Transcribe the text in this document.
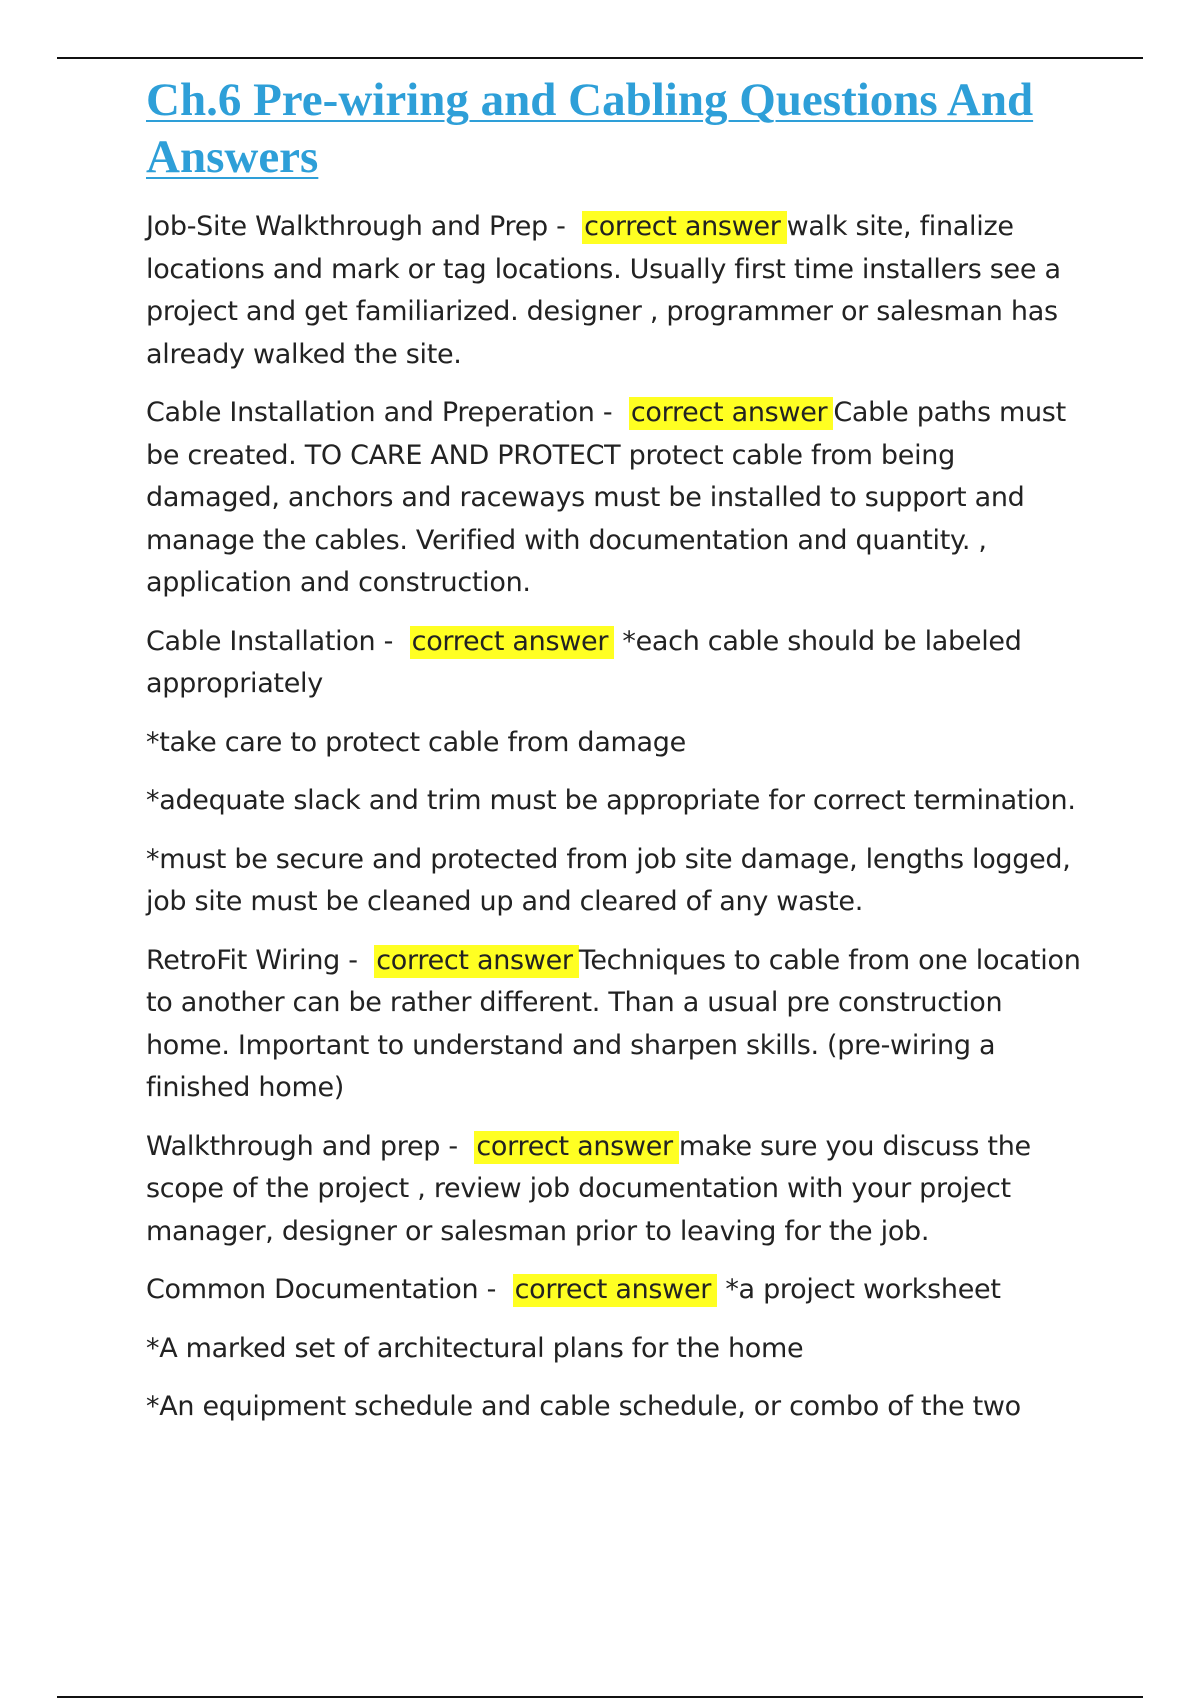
Ch.6 Pre-wiring and Cabling Questions And Answers

Job-Site Walkthrough and Prep -  correct answer walk site, finalize locations and mark or tag locations. Usually first time installers see a project and get familiarized. designer , programmer or salesman has already walked the site.

Cable Installation and Preperation -  correct answer Cable paths must be created. TO CARE AND PROTECT protect cable from being damaged, anchors and raceways must be installed to support and manage the cables. Verified with documentation and quantity. , application and construction.

Cable Installation -  correct answer *each cable should be labeled appropriately

*take care to protect cable from damage

*adequate slack and trim must be appropriate for correct termination.

*must be secure and protected from job site damage, lengths logged, job site must be cleaned up and cleared of any waste.

RetroFit Wiring -  correct answer Techniques to cable from one location to another can be rather different. Than a usual pre construction home. Important to understand and sharpen skills. (pre-wiring a finished home)

Walkthrough and prep -  correct answer make sure you discuss the scope of the project , review job documentation with your project manager, designer or salesman prior to leaving for the job.

Common Documentation -  correct answer *a project worksheet

*A marked set of architectural plans for the home

*An equipment schedule and cable schedule, or combo of the two
